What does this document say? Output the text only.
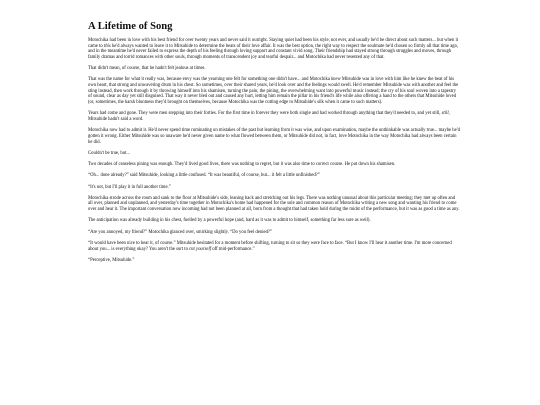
A Lifetime of Song

Motochika had been in love with his best friend for over twenty years and never said it outright. Staying quiet had been his style, not ever, and usually he'd be direct about such matters... but when it came to this he'd always wanted to leave it to Mitsuhide to determine the beats of their love affair. It was the best option, the right way to respect the soulmate he'd chosen so firmly all that time ago, and in the meantime he'd never failed to express the depth of his feeling through loving support and constant vivid song. Their friendship had stayed strong through struggles and moves, through family dramas and torrid romances with other souls, through moments of transcendent joy and tearful despair... and Motochika had never resented any of that.

That didn't mean, of course, that he hadn't felt jealous at times.

That was the name for what it really was, because envy was the yearning one felt for something one didn't have... and Motochika knew Mitsuhide was in love with him like he knew the beat of his own heart, that strong and unwavering drum in his chest. So sometimes, over their shared years, he'd look over and the feelings would swell. He'd remember Mitsuhide was with another and feel the sting instead, then work through it by throwing himself into his shamisen, turning the pain, the pining, the overwhelming want into powerful music instead; the cry of his soul woven into a tapestry of sound, clear as day yet still disguised. That way it never bled out and caused any hurt, letting him remain the pillar in his friend's life while also offering a hand to the others that Mitsuhide loved (or, sometimes, the harsh bluntness they'd brought on themselves, because Motochika was the cutting edge to Mitsuhide's silk when it came to such matters).

Years had come and gone. They were men stepping into their forties. For the first time in forever they were both single and had worked through anything that they'd needed to, and yet still, still, Mitsuhide hadn't said a word.

Motochika now had to admit it. He'd never spend time ruminating on mistakes of the past but learning from it was wise, and upon examination, maybe the unthinkable was actually true... maybe he'd gotten it wrong. Either Mitsuhide was so unaware he'd never given name to what flowed between them, or Mitsuhide did not, in fact, love Motochika in the way Motochika had always been certain he did.

Couldn't be true, but...

Two decades of ceaseless pining was enough. They'd lived good lives, there was nothing to regret, but it was also time to correct course. He put down his shamisen.

“Oh... done already?” said Mitsuhide, looking a little confused. “It was beautiful, of course, but... it felt a little unfinished?”

“It's not, but I'll play it in full another time.”

Motochika strode across the room and sank to the floor at Mitsuhide's side, leaning back and stretching out his legs. There was nothing unusual about this particular meeting; they met up often and all over, planned and unplanned, and yesterday's time together in Motochika's home had happened for the sole and common reason of Motochika writing a new song and wanting his friend to come over and hear it. The important conversation now incoming had not been planned at all, born from a thought that had taken hold during the midst of the performance, but it was as good a time as any.

The anticipation was already building in his chest, fuelled by a powerful hope (and, hard as it was to admit to himself, something far less sure as well).

“Are you annoyed, my friend?” Motochika glanced over, smirking slightly. “Do you feel denied?”

“It would have been nice to hear it, of course.” Mitsuhide hesitated for a moment before shifting, turning to sit so they were face to face. “But I know I'll hear it another time. I'm more concerned about you... is everything okay? You aren't the sort to cut yourself off mid-performance.”

“Perceptive, Mitsuhide.”
